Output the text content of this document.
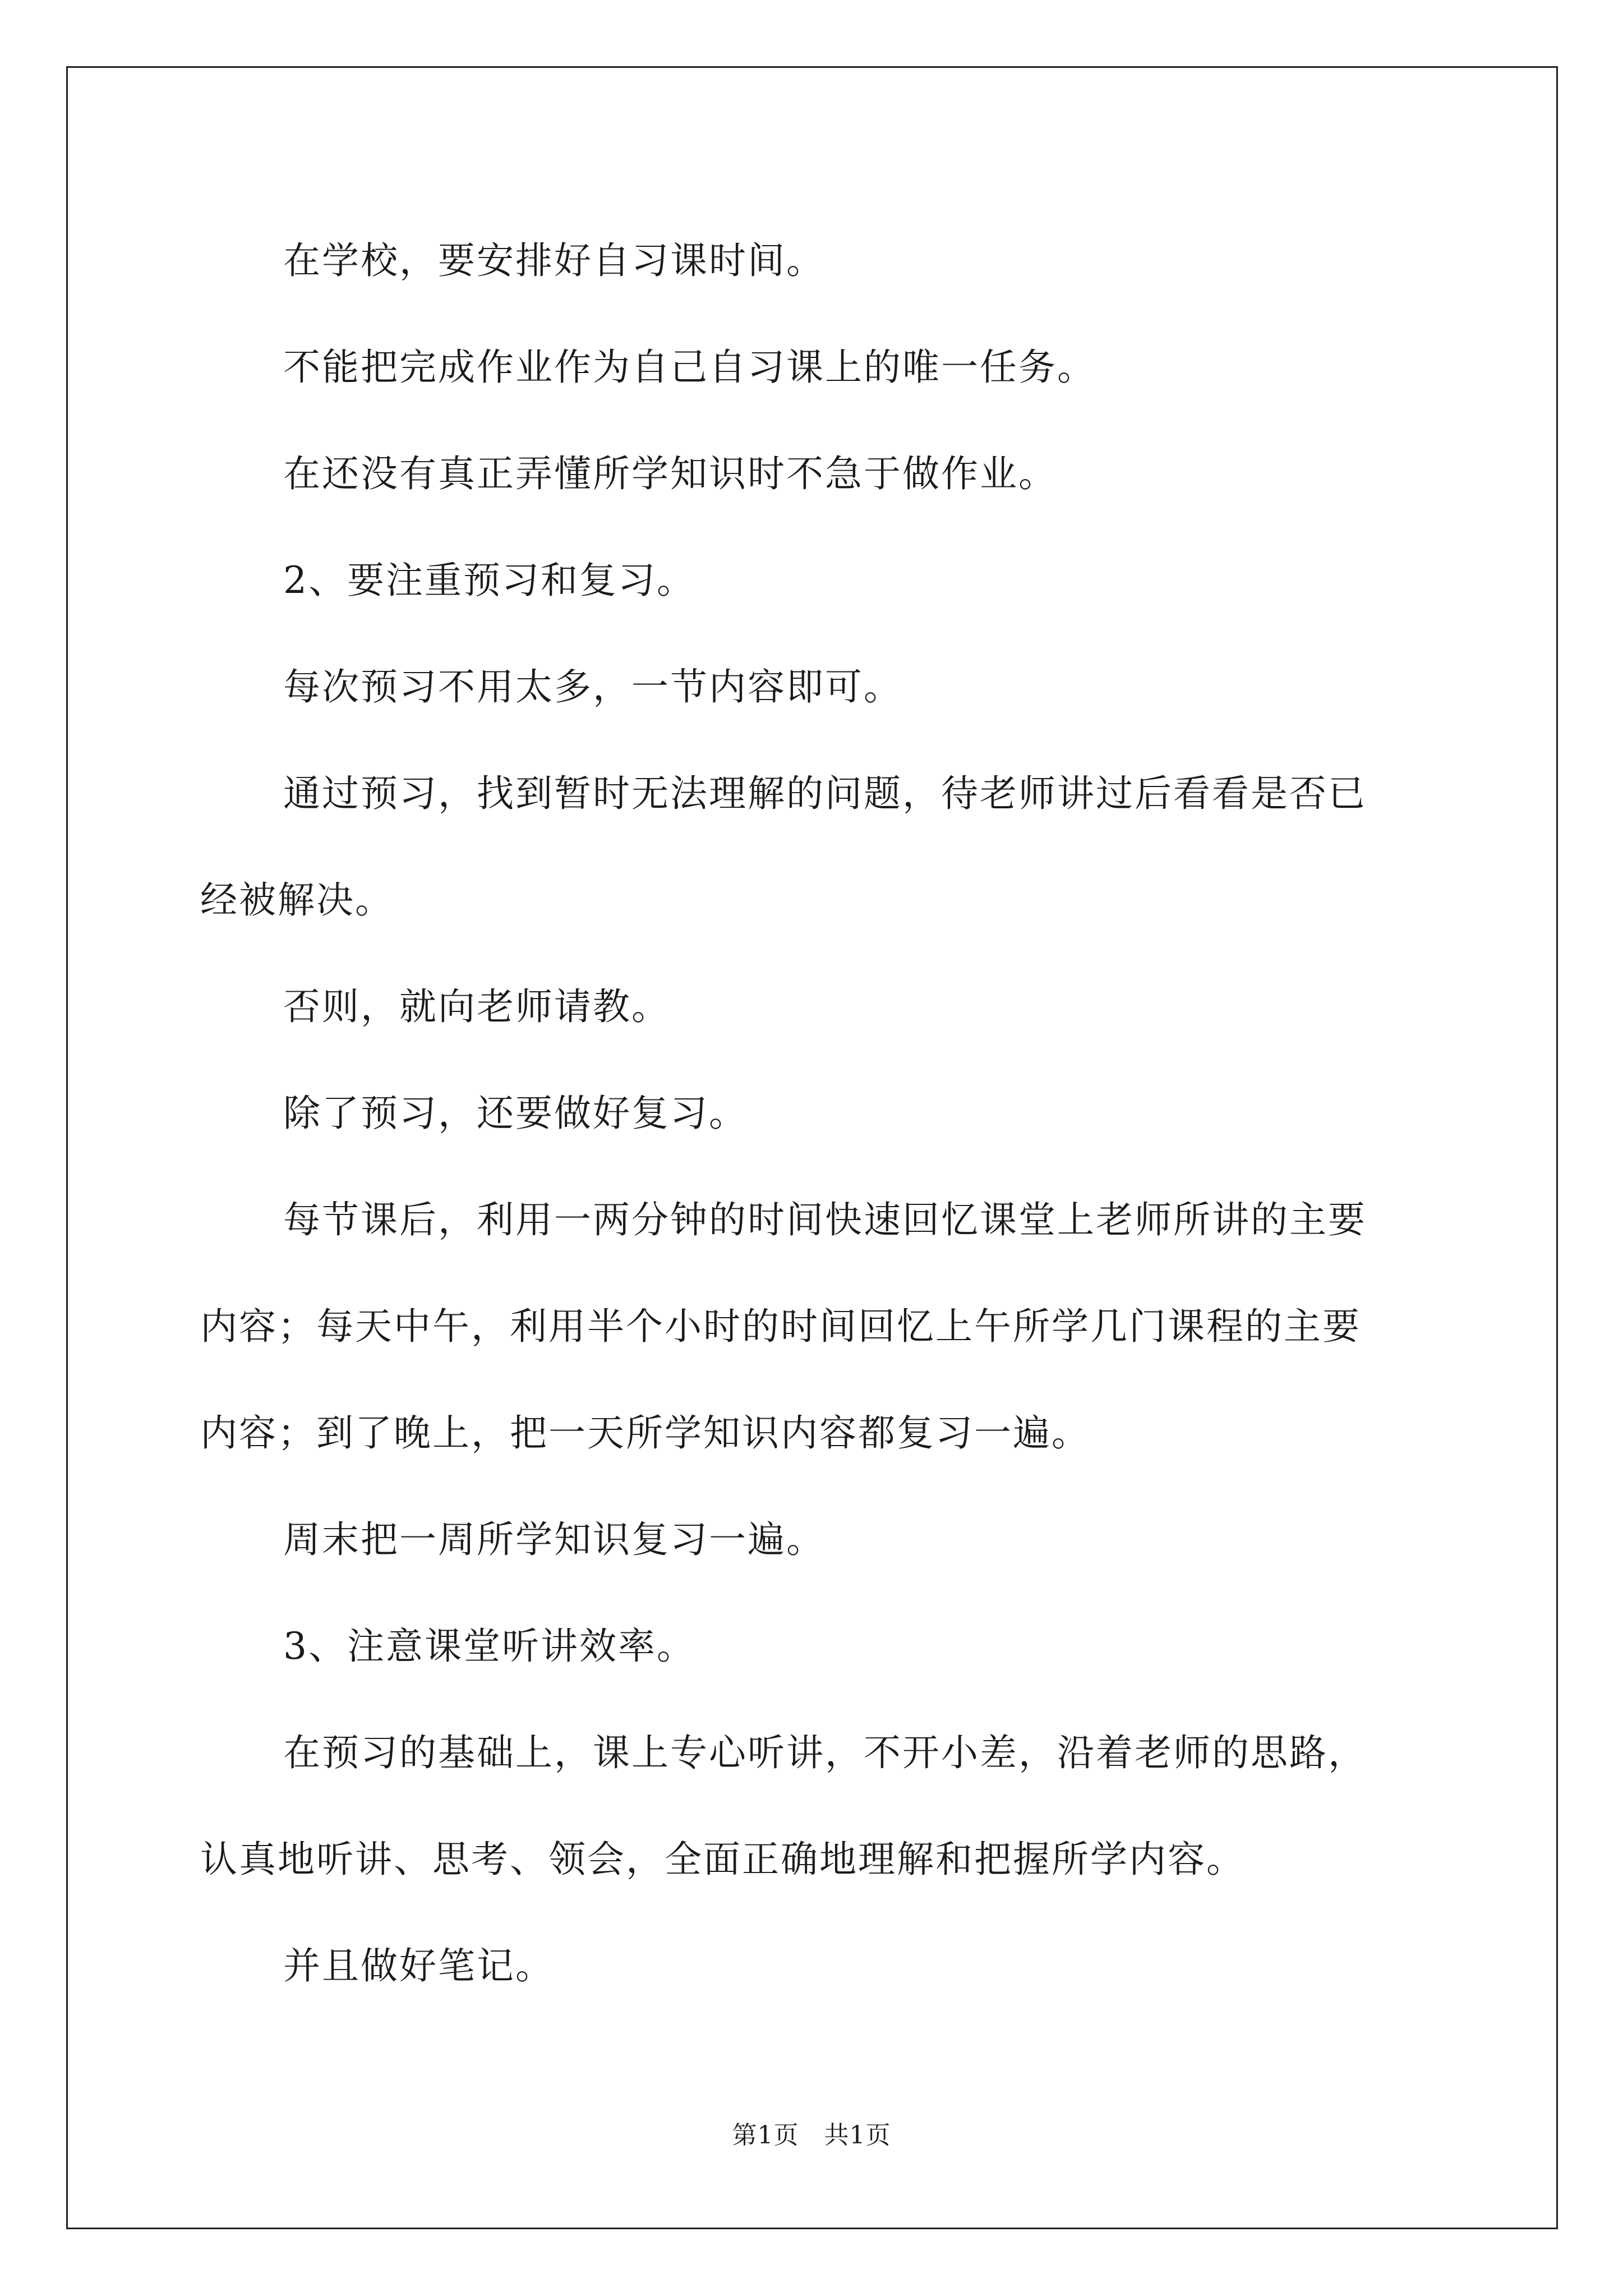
在学校，要安排好自习课时间。

不能把完成作业作为自己自习课上的唯一任务。

在还没有真正弄懂所学知识时不急于做作业。

2、要注重预习和复习。

每次预习不用太多，一节内容即可。

通过预习，找到暂时无法理解的问题，待老师讲过后看看是否已

经被解决。

否则，就向老师请教。

除了预习，还要做好复习。

每节课后，利用一两分钟的时间快速回忆课堂上老师所讲的主要

内容；每天中午，利用半个小时的时间回忆上午所学几门课程的主要

内容；到了晚上，把一天所学知识内容都复习一遍。

周末把一周所学知识复习一遍。

3、注意课堂听讲效率。

在预习的基础上，课上专心听讲，不开小差，沿着老师的思路，

认真地听讲、思考、领会，全面正确地理解和把握所学内容。

并且做好笔记。

第1页　共1页
